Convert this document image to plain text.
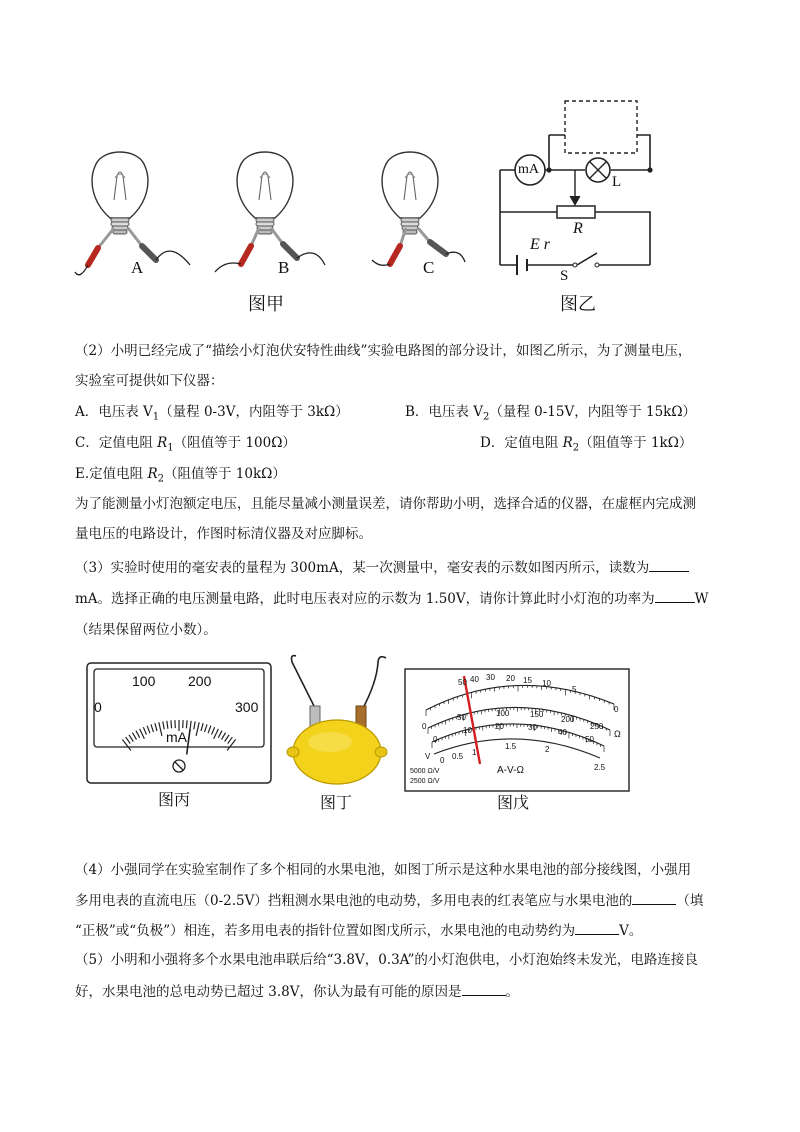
A	B	C
图甲
mA
L
R
E r
S
图乙
（2）小明已经完成了“描绘小灯泡伏安特性曲线”实验电路图的部分设计，如图乙所示，为了测量电压，
实验室可提供如下仪器：
A．电压表 $V_1$（量程 0-3V，内阻等于 3kΩ）	B．电压表 $V_2$（量程 0-15V，内阻等于 15kΩ）
C．定值电阻 $R_1$（阻值等于 100Ω）	D．定值电阻 $R_2$（阻值等于 1kΩ）
E.定值电阻 $R_2$（阻值等于 10kΩ）
为了能测量小灯泡额定电压，且能尽量减小测量误差，请你帮助小明，选择合适的仪器，在虚框内完成测
量电压的电路设计，作图时标清仪器及对应脚标。
（3）实验时使用的毫安表的量程为 300mA，某一次测量中，毫安表的示数如图丙所示，读数为
mA。选择正确的电压测量电路，此时电压表对应的示数为 1.50V，请你计算此时小灯泡的功率为	W
（结果保留两位小数）。
0
100 200
300
mA
图丙	图丁
50 40 30 20 15 10
5
0
0
50	100	150
200
250
0
10	20	30
40
50
0 0.5 1
1.5	2
2.5
Ω
V
A-V-Ω
5000 Ω/V
2500 Ω/V
图戊
（4）小强同学在实验室制作了多个相同的水果电池，如图丁所示是这种水果电池的部分接线图，小强用
多用电表的直流电压（0-2.5V）挡粗测水果电池的电动势，多用电表的红表笔应与水果电池的	（填
“正极”或“负极”）相连，若多用电表的指针位置如图戊所示，水果电池的电动势约为	V。
（5）小明和小强将多个水果电池串联后给“3.8V，0.3A”的小灯泡供电，小灯泡始终未发光，电路连接良
好，水果电池的总电动势已超过 3.8V，你认为最有可能的原因是	。
